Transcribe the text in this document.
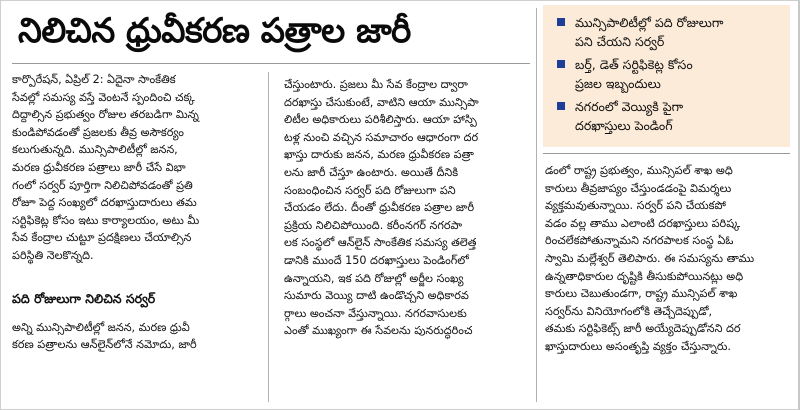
నిలిచిన ధ్రువీకరణ పత్రాల జారీ	మున్సిపాలిటీల్లో పది రోజులుగా
పని చేయని సర్వర్
బర్త్, డెత్ సర్టిఫికెట్ల కోసం
ప్రజల ఇబ్బందులు
నగరంలో వెయ్యికి పైగా
దరఖాస్తులు పెండింగ్
కార్పొరేషన్, ఏప్రిల్ 2: ఏదైనా సాంకేతిక
సేవల్లో సమస్య వస్తే వెంటనే స్పందించి చక్క
దిద్దాల్సిన ప్రభుత్వం రోజుల తరబడిగా మిన్న
కుండిపోవడంతో ప్రజలకు తీవ్ర అసౌకర్యం
కలుగుతున్నది. మున్సిపాలిటీల్లో జనన,
మరణ ధ్రువీకరణ పత్రాలు జారీ చేసే విభా
గంలో సర్వర్ పూర్తిగా నిలిచిపోవడంతో ప్రతి
రోజూ పెద్ద సంఖ్యలో దరఖాస్తుదారులు తమ
సర్టిఫికెట్ల కోసం ఇటు కార్యాలయం, అటు మీ
సేవ కేంద్రాల చుట్టూ ప్రదక్షిణలు చేయాల్సిన
పరిస్థితి నెలకొన్నది.
పది రోజులుగా నిలిచిన సర్వర్
అన్ని మున్సిపాలిటీల్లో జనన, మరణ ధ్రువీ
కరణ పత్రాలను ఆన్‌లైన్‌లోనే నమోదు, జారీ
చేస్తుంటారు. ప్రజలు మీ సేవ కేంద్రాల ద్వారా
దరఖాస్తు చేసుకుంటే, వాటిని ఆయా మున్సిపా
లిటీల అధికారులు పరిశీలిస్తారు. ఆయా హాస్పి
టళ్ల నుంచి వచ్చిన సమాచారం ఆధారంగా దర
ఖాస్తు దారుకు జనన, మరణ ధ్రువీకరణ పత్రా
లను జారీ చేస్తూ ఉంటారు. అయితే దీనికి
సంబంధించిన సర్వర్ పది రోజులుగా పని
చేయడం లేదు. దీంతో ధ్రువీకరణ పత్రాల జారీ
ప్రక్రియ నిలిచిపోయింది. కరీంనగర్ నగరపా
లక సంస్థలో ఆన్‌లైన్ సాంకేతిక సమస్య తలెత్త
డానికి ముందే 150 దరఖాస్తులు పెండింగ్‌లో
ఉన్నాయని, ఇక పది రోజుల్లో అర్జీల సంఖ్య
సుమారు వెయ్యి దాటి ఉండొచ్చని అధికారవ
ర్గాలు అంచనా వేస్తున్నాయి. నగరవాసులకు
ఎంతో ముఖ్యంగా ఈ సేవలను పునరుద్ధరించ
డంలో రాష్ట్ర ప్రభుత్వం, మున్సిపల్ శాఖ అధి
కారులు తీవ్రజాప్యం చేస్తుండడంపై విమర్శలు
వ్యక్తమవుతున్నాయి. సర్వర్ పని చేయకపో
వడం వల్ల తాము ఎలాంటి దరఖాస్తులు పరిష్క
రించలేకపోతున్నామని నగరపాలక సంస్థ ఏఓ
స్వామి మల్లేశ్వర్ తెలిపారు. ఈ సమస్యను తాము
ఉన్నతాధికారుల దృష్టికి తీసుకుపోయినట్లు అధి
కారులు చెబుతుండగా, రాష్ట్ర మున్సిపల్ శాఖ
సర్వర్‌ను వినియోగంలోకి తెచ్చేదెప్పుడో,
తమకు సర్టిఫికెట్స్ జారీ అయ్యేదెప్పుడోనని దర
ఖాస్తుదారులు అసంతృప్తి వ్యక్తం చేస్తున్నారు.
